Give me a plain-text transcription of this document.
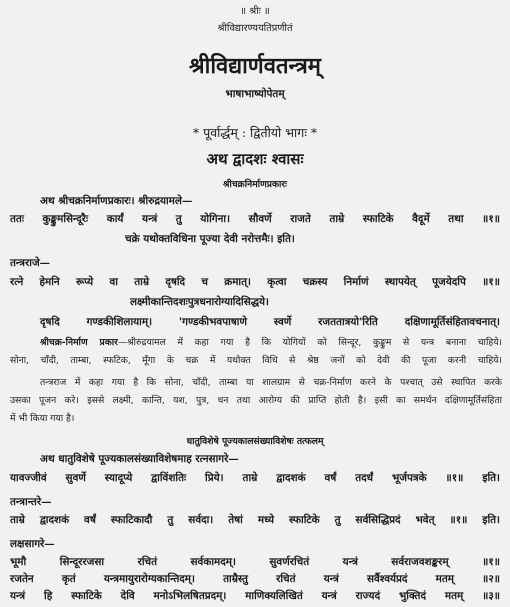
॥ श्रीः ॥
श्रीविद्यारण्ययतिप्रणीतं
श्रीविद्यार्णवतन्त्रम्
भाषाभाष्योपेतम्
* पूर्वार्द्धम् : द्वितीयो भागः *
अथ द्वादशः श्वासः
श्रीचक्रनिर्माणप्रकारः
अथ श्रीचक्रनिर्माणप्रकारः। श्रीरुद्रयामले—
ततः कुङ्कुमसिन्दूरैः कार्यं यन्त्रं तु योगिना। सौवर्णे राजते ताम्रे स्फाटिके वैदूर्मे तथा ॥१॥
चक्रे यथोक्तविधिना पूज्या देवी नरोत्तमैः। इति।
तन्त्रराजे—
रत्ने हेमनि रूप्ये वा ताम्रे दृषदि च क्रमात्। कृत्वा चक्रस्य निर्माणं स्थापयेत् पूजयेदपि ॥१॥
लक्ष्मीकान्तिदशःपुत्रधनारोग्यादिसिद्धये।
दृषदि गण्डकीशिलायाम्। 'गण्डकीभवपाषाणे स्वर्णे रजततात्रयो'रिति दक्षिणामूर्तिसंहितावचनात्।
श्रीचक्र-निर्माण प्रकार—श्रीरुद्रयामल में कहा गया है कि योगियों को सिन्दूर, कुङ्कुम से यन्त्र बनाना चाहिये।
सोना, चाँदी, ताम्बा, स्फटिक, मूँगा के चक्र में यथोक्त विधि से श्रेष्ठ जनों को देवी की पूजा करनी चाहिये।
तन्त्रराज में कहा गया है कि सोना, चाँदी, ताम्बा या शालग्राम से चक्र-निर्माण करने के पश्चात् उसे स्थापित करके
उसका पूजन करे। इससे लक्ष्मी, कान्ति, यश, पुत्र, धन तथा आरोग्य की प्राप्ति होती है। इसी का समर्थन दक्षिणामूर्तिसंहिता
में भी किया गया है।
धातुविशेषे पूज्यकालसंख्याविशेषः तत्फलम्
अथ धातुविशेषे पूज्यकालसंख्याविशेषमाह रत्नसागरे—
यावज्जीवं सुवर्णे स्यादूप्ये द्वाविंशतिः प्रिये। ताम्रे द्वादशकं वर्षं तदर्धं भूर्जपत्रके ॥१॥ इति।
तन्त्रान्तरे—
ताम्रे द्वादशकं वर्षं स्फाटिकादौ तु सर्वदा। तेषां मध्ये स्फाटिके तु सर्वसिद्धिप्रदं भवेत् ॥१॥ इति।
लक्षसागरे—
भूमौ सिन्दूररजसा रचितं सर्वकामदम्। सुवर्णरचितं यन्त्रं सर्वराजवशङ्करम् ॥१॥
रजतेन कृतं यन्त्रमायुरारोग्यकान्तिदम्। ताम्रैस्तु रचितं यन्त्रं सर्वैश्वर्यप्रदं मतम् ॥२॥
यन्त्रं हि स्फाटिके देवि मनोऽभिलषितप्रदम्। माणिक्यलिखितं यन्त्रं राज्यदं भुक्तिदं मतम् ॥३॥
